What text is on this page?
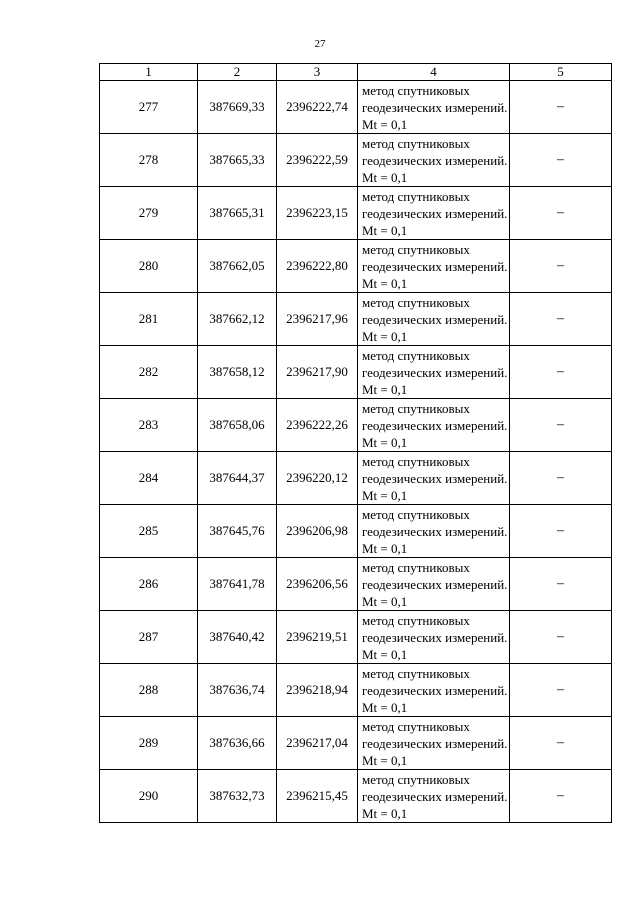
27
1	2	3	4	5
277	387669,33	2396222,74	метод спутниковых геодезических измерений. Mt = 0,1	–
278	387665,33	2396222,59	метод спутниковых геодезических измерений. Mt = 0,1	–
279	387665,31	2396223,15	метод спутниковых геодезических измерений. Mt = 0,1	–
280	387662,05	2396222,80	метод спутниковых геодезических измерений. Mt = 0,1	–
281	387662,12	2396217,96	метод спутниковых геодезических измерений. Mt = 0,1	–
282	387658,12	2396217,90	метод спутниковых геодезических измерений. Mt = 0,1	–
283	387658,06	2396222,26	метод спутниковых геодезических измерений. Mt = 0,1	–
284	387644,37	2396220,12	метод спутниковых геодезических измерений. Mt = 0,1	–
285	387645,76	2396206,98	метод спутниковых геодезических измерений. Mt = 0,1	–
286	387641,78	2396206,56	метод спутниковых геодезических измерений. Mt = 0,1	–
287	387640,42	2396219,51	метод спутниковых геодезических измерений. Mt = 0,1	–
288	387636,74	2396218,94	метод спутниковых геодезических измерений. Mt = 0,1	–
289	387636,66	2396217,04	метод спутниковых геодезических измерений. Mt = 0,1	–
290	387632,73	2396215,45	метод спутниковых геодезических измерений. Mt = 0,1	–
